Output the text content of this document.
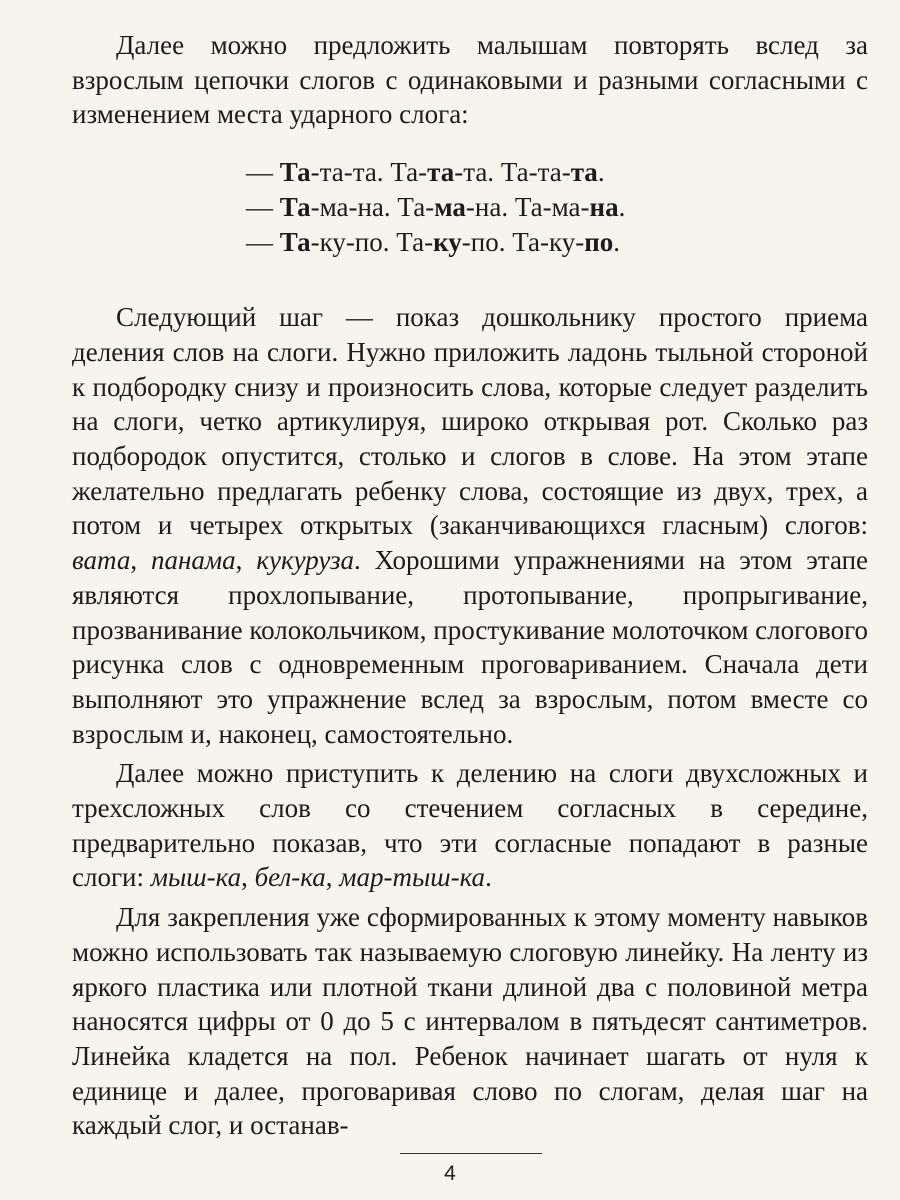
Далее можно предложить малышам повторять вслед за взрослым цепочки слогов с одинаковыми и разными согласными с изменением места ударного слога:

— Та-та-та. Та-та-та. Та-та-та.
— Та-ма-на. Та-ма-на. Та-ма-на.
— Та-ку-по. Та-ку-по. Та-ку-по.

Следующий шаг — показ дошкольнику простого приема деления слов на слоги. Нужно приложить ладонь тыльной стороной к подбородку снизу и произносить слова, которые следует разделить на слоги, четко артикулируя, широко открывая рот. Сколько раз подбородок опустится, столько и слогов в слове. На этом этапе желательно предлагать ребенку слова, состоящие из двух, трех, а потом и четырех открытых (заканчивающихся гласным) слогов: вата, панама, кукуруза. Хорошими упражнениями на этом этапе являются прохлопывание, протопывание, пропрыгивание, прозванивание колокольчиком, простукивание молоточком слогового рисунка слов с одновременным проговариванием. Сначала дети выполняют это упражнение вслед за взрослым, потом вместе со взрослым и, наконец, самостоятельно.

Далее можно приступить к делению на слоги двухсложных и трехсложных слов со стечением согласных в середине, предварительно показав, что эти согласные попадают в разные слоги: мыш-ка, бел-ка, мар-тыш-ка.

Для закрепления уже сформированных к этому моменту навыков можно использовать так называемую слоговую линейку. На ленту из яркого пластика или плотной ткани длиной два с половиной метра наносятся цифры от 0 до 5 с интервалом в пятьдесят сантиметров. Линейка кладется на пол. Ребенок начинает шагать от нуля к единице и далее, проговаривая слово по слогам, делая шаг на каждый слог, и останав-

4
